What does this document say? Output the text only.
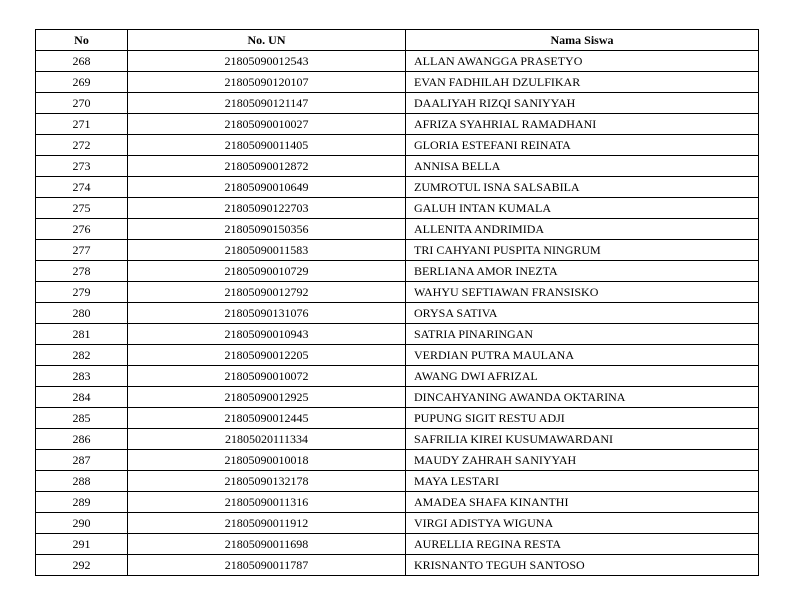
No	No. UN	Nama Siswa
268	21805090012543	ALLAN AWANGGA PRASETYO
269	21805090120107	EVAN FADHILAH DZULFIKAR
270	21805090121147	DAALIYAH RIZQI SANIYYAH
271	21805090010027	AFRIZA SYAHRIAL RAMADHANI
272	21805090011405	GLORIA ESTEFANI REINATA
273	21805090012872	ANNISA BELLA
274	21805090010649	ZUMROTUL ISNA SALSABILA
275	21805090122703	GALUH INTAN KUMALA
276	21805090150356	ALLENITA ANDRIMIDA
277	21805090011583	TRI CAHYANI PUSPITA NINGRUM
278	21805090010729	BERLIANA AMOR INEZTA
279	21805090012792	WAHYU SEFTIAWAN FRANSISKO
280	21805090131076	ORYSA SATIVA
281	21805090010943	SATRIA PINARINGAN
282	21805090012205	VERDIAN PUTRA MAULANA
283	21805090010072	AWANG DWI AFRIZAL
284	21805090012925	DINCAHYANING AWANDA OKTARINA
285	21805090012445	PUPUNG SIGIT RESTU ADJI
286	21805020111334	SAFRILIA KIREI KUSUMAWARDANI
287	21805090010018	MAUDY ZAHRAH SANIYYAH
288	21805090132178	MAYA LESTARI
289	21805090011316	AMADEA SHAFA KINANTHI
290	21805090011912	VIRGI ADISTYA WIGUNA
291	21805090011698	AURELLIA REGINA RESTA
292	21805090011787	KRISNANTO TEGUH SANTOSO
